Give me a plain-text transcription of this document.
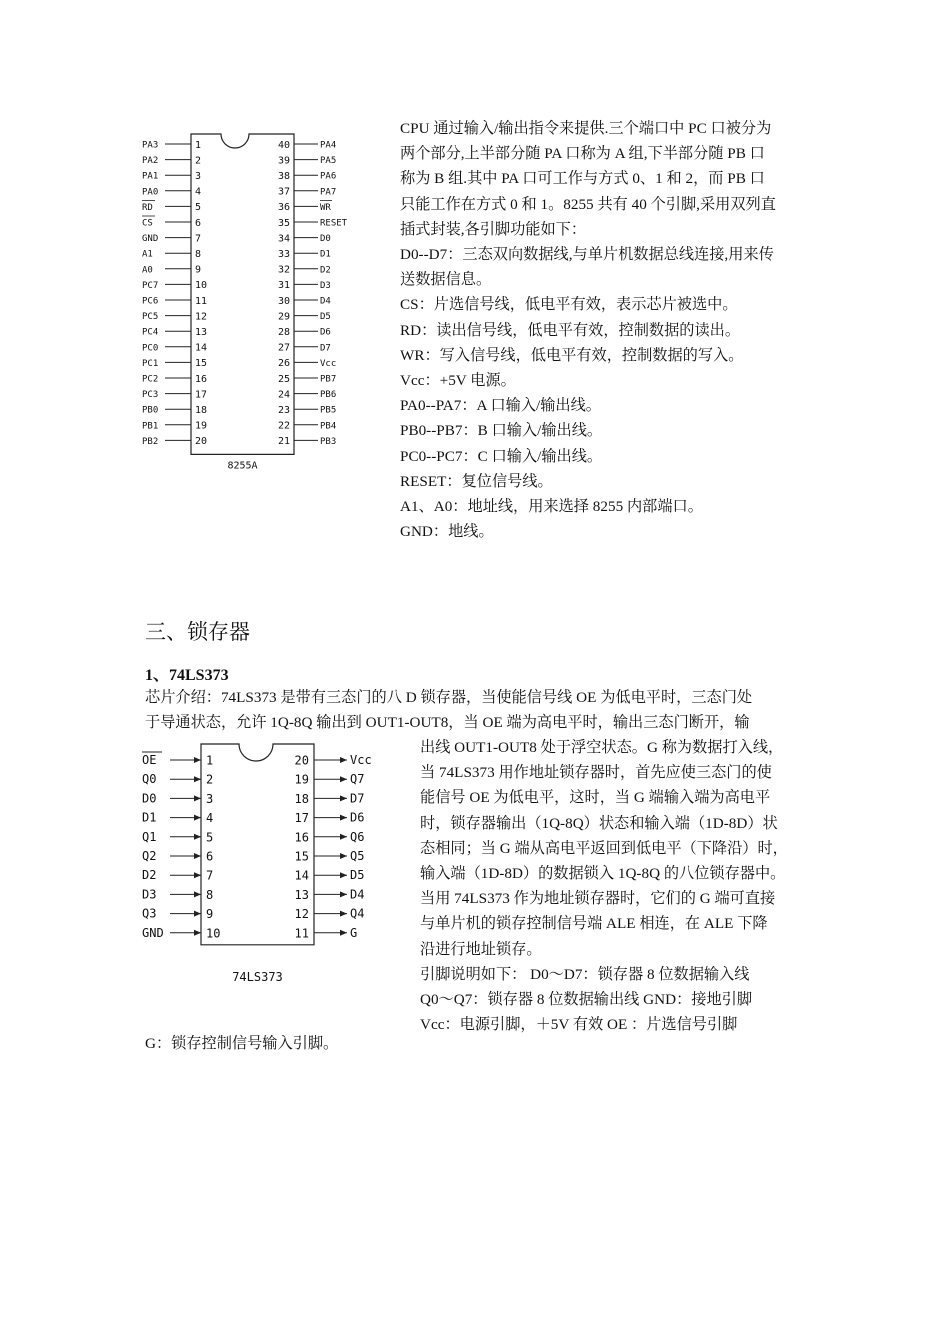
PA3	1
PA2	2
PA1	3
PA0	4
RD	5
CS	6
GND	7
A1	8
A0	9
PC7	10
PC6	11
PC5	12
PC4	13
PC0	14
PC1	15
PC2	16
PC3	17
PB0	18
PB1	19
PB2	20
40	PA4
39	PA5
38	PA6
37	PA7
36	WR
35	RESET
34	D0
33	D1
32	D2
31	D3
30	D4
29	D5
28	D6
27	D7
26	Vcc
25	PB7
24	PB6
23	PB5
22	PB4
21	PB3
8255A

CPU 通过输入/输出指令来提供.三个端口中 PC 口被分为

两个部分,上半部分随 PA 口称为 A 组,下半部分随 PB 口

称为 B 组.其中 PA 口可工作与方式 0、1 和 2，而 PB 口

只能工作在方式 0 和 1。8255 共有 40 个引脚,采用双列直

插式封装,各引脚功能如下：

D0--D7：三态双向数据线,与单片机数据总线连接,用来传

送数据信息。

CS：片选信号线，低电平有效，表示芯片被选中。

RD：读出信号线，低电平有效，控制数据的读出。

WR：写入信号线，低电平有效，控制数据的写入。

Vcc：+5V 电源。

PA0--PA7：A 口输入/输出线。

PB0--PB7：B 口输入/输出线。

PC0--PC7：C 口输入/输出线。

RESET：复位信号线。

A1、A0：地址线，用来选择 8255 内部端口。

GND：地线。

三、锁存器
1、74LS373

芯片介绍：74LS373 是带有三态门的八 D 锁存器，当使能信号线 OE 为低电平时，三态门处

于导通状态，允许 1Q-8Q 输出到 OUT1-OUT8，当 OE 端为高电平时，输出三态门断开，输

OE	1
Q0	2
D0	3
D1	4
Q1	5
Q2	6
D2	7
D3	8
Q3	9
GND	10
20	Vcc
19	Q7
18	D7
17	D6
16	Q6
15	Q5
14	D5
13	D4
12	Q4
11	G
74LS373

出线 OUT1-OUT8 处于浮空状态。G 称为数据打入线，

当 74LS373 用作地址锁存器时，首先应使三态门的使

能信号 OE 为低电平，这时，当 G 端输入端为高电平

时，锁存器输出（1Q-8Q）状态和输入端（1D-8D）状

态相同；当 G 端从高电平返回到低电平（下降沿）时，

输入端（1D-8D）的数据锁入 1Q-8Q 的八位锁存器中。

当用 74LS373 作为地址锁存器时，它们的 G 端可直接

与单片机的锁存控制信号端 ALE 相连，在 ALE 下降

沿进行地址锁存。

引脚说明如下： D0～D7：锁存器 8 位数据输入线

Q0～Q7：锁存器 8 位数据输出线 GND：接地引脚

Vcc：电源引脚，＋5V 有效 OE ：片选信号引脚

G：锁存控制信号输入引脚。
